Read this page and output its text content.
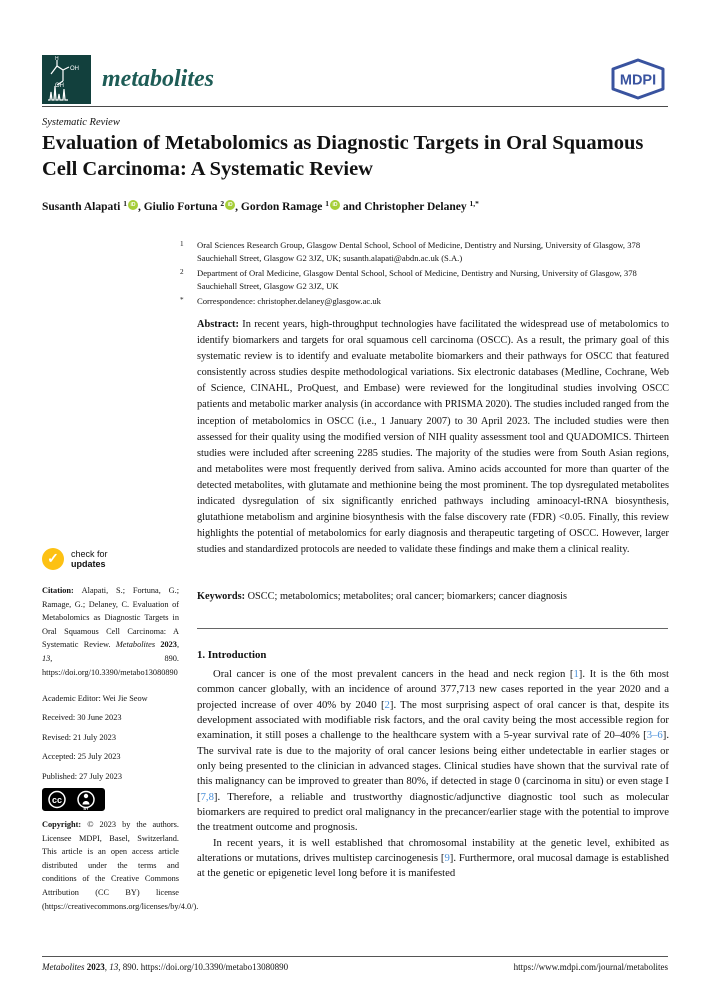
H
OH
OH metabolites	MDPI
Systematic Review
Evaluation of Metabolomics as Diagnostic Targets in Oral Squamous Cell Carcinoma: A Systematic Review
Susanth Alapati $^1$ iD , Giulio Fortuna $^2$ iD , Gordon Ramage $^1$ iD and Christopher Delaney $^{1,*}$
1	Oral Sciences Research Group, Glasgow Dental School, School of Medicine, Dentistry and Nursing, University of Glasgow, 378 Sauchiehall Street, Glasgow G2 3JZ, UK; susanth.alapati@abdn.ac.uk (S.A.)
2	Department of Oral Medicine, Glasgow Dental School, School of Medicine, Dentistry and Nursing, University of Glasgow, 378 Sauchiehall Street, Glasgow G2 3JZ, UK
*	Correspondence: christopher.delaney@glasgow.ac.uk

Abstract: In recent years, high-throughput technologies have facilitated the widespread use of metabolomics to identify biomarkers and targets for oral squamous cell carcinoma (OSCC). As a result, the primary goal of this systematic review is to identify and evaluate metabolite biomarkers and their pathways for OSCC that featured consistently across studies despite methodological variations. Six electronic databases (Medline, Cochrane, Web of Science, CINAHL, ProQuest, and Embase) were reviewed for the longitudinal studies involving OSCC patients and metabolic marker analysis (in accordance with PRISMA 2020). The studies included ranged from the inception of metabolomics in OSCC (i.e., 1 January 2007) to 30 April 2023. The included studies were then assessed for their quality using the modified version of NIH quality assessment tool and QUADOMICS. Thirteen studies were included after screening 2285 studies. The majority of the studies were from South Asian regions, and metabolites were most frequently derived from saliva. Amino acids accounted for more than quarter of the detected metabolites, with glutamate and methionine being the most prominent. The top dysregulated metabolites indicated dysregulation of six significantly enriched pathways including aminoacyl-tRNA biosynthesis, glutathione metabolism and arginine biosynthesis with the false discovery rate (FDR) <0.05. Finally, this review highlights the potential of metabolomics for early diagnosis and therapeutic targeting of OSCC. However, larger studies and standardized protocols are needed to validate these findings and make them a clinical reality.

Keywords: OSCC; metabolomics; metabolites; oral cancer; biomarkers; cancer diagnosis

✓	check for
updates
Citation: Alapati, S.; Fortuna, G.; Ramage, G.; Delaney, C. Evaluation of Metabolomics as Diagnostic Targets in Oral Squamous Cell Carcinoma: A Systematic Review. Metabolites 2023, 13, 890. https://doi.org/10.3390/metabo13080890
Academic Editor: Wei Jie Seow
Received: 30 June 2023
Revised: 21 July 2023
Accepted: 25 July 2023
Published: 27 July 2023
cc
BY
Copyright: © 2023 by the authors. Licensee MDPI, Basel, Switzerland. This article is an open access article distributed under the terms and conditions of the Creative Commons Attribution (CC BY) license (https://creativecommons.org/licenses/by/4.0/).
1. Introduction

Oral cancer is one of the most prevalent cancers in the head and neck region [1]. It is the 6th most common cancer globally, with an incidence of around 377,713 new cases reported in the year 2020 and a projected increase of over 40% by 2040 [2]. The most surprising aspect of oral cancer is that, despite its development associated with modifiable risk factors, and the oral cavity being the most accessible region for examination, it still poses a challenge to the healthcare system with a 5-year survival rate of 20–40% [3–6]. The survival rate is due to the majority of oral cancer lesions being either undetectable in earlier stages or only being presented to the clinician in advanced stages. Clinical studies have shown that the survival rate of this malignancy can be improved to greater than 80%, if detected in stage 0 (carcinoma in situ) or even stage I [7,8]. Therefore, a reliable and trustworthy diagnostic/adjunctive diagnostic tool such as molecular biomarkers are required to predict oral malignancy in the precancer/earlier stage with the potential to improve the treatment outcome and prognosis.

In recent years, it is well established that chromosomal instability at the genetic level, exhibited as alterations or mutations, drives multistep carcinogenesis [9]. Furthermore, oral mucosal damage is established at the genetic or epigenetic level long before it is manifested

Metabolites 2023, 13, 890. https://doi.org/10.3390/metabo13080890	https://www.mdpi.com/journal/metabolites
